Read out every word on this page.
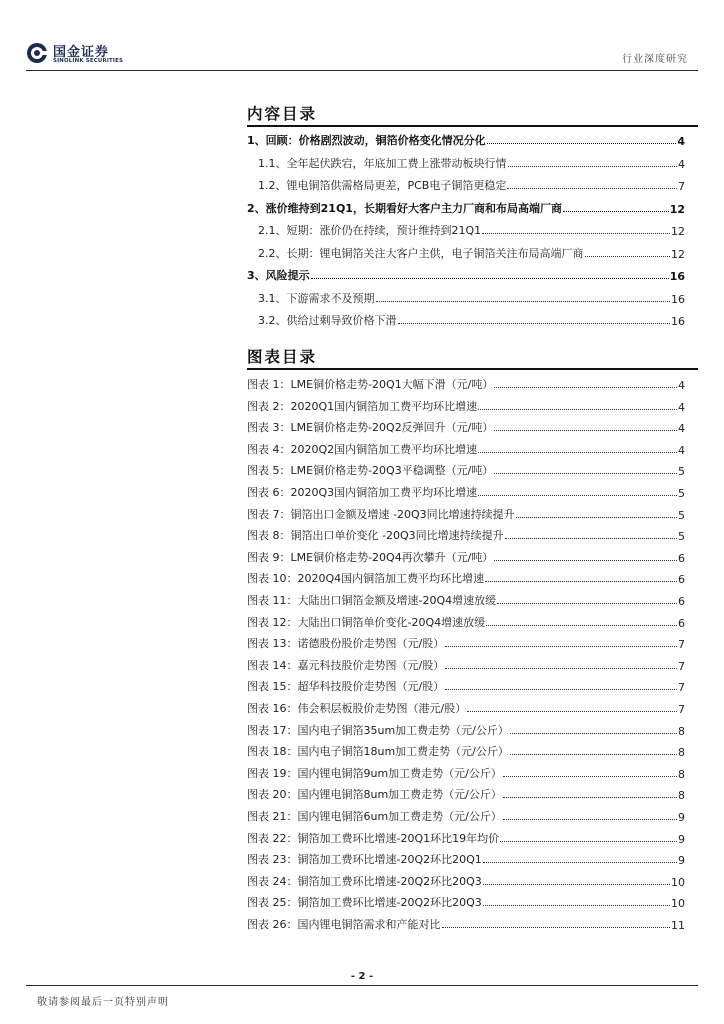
国金证券
SINOLINK SECURITIES	行业深度研究
内容目录
1、回顾：价格剧烈波动，铜箔价格变化情况分化	4
1.1、全年起伏跌宕，年底加工费上涨带动板块行情	4
1.2、锂电铜箔供需格局更差，PCB电子铜箔更稳定	7
2、涨价维持到21Q1，长期看好大客户主力厂商和布局高端厂商	12
2.1、短期：涨价仍在持续，预计维持到21Q1	12
2.2、长期：锂电铜箔关注大客户主供，电子铜箔关注布局高端厂商	12
3、风险提示	16
3.1、下游需求不及预期	16
3.2、供给过剩导致价格下滑	16
图表目录
图表 1：LME铜价格走势-20Q1大幅下滑（元/吨）	4
图表 2：2020Q1国内铜箔加工费平均环比增速	4
图表 3：LME铜价格走势-20Q2反弹回升（元/吨）	4
图表 4：2020Q2国内铜箔加工费平均环比增速	4
图表 5：LME铜价格走势-20Q3平稳调整（元/吨）	5
图表 6：2020Q3国内铜箔加工费平均环比增速	5
图表 7：铜箔出口金额及增速 -20Q3同比增速持续提升	5
图表 8：铜箔出口单价变化 -20Q3同比增速持续提升	5
图表 9：LME铜价格走势-20Q4再次攀升（元/吨）	6
图表 10：2020Q4国内铜箔加工费平均环比增速	6
图表 11：大陆出口铜箔金额及增速-20Q4增速放缓	6
图表 12：大陆出口铜箔单价变化-20Q4增速放缓	6
图表 13：诺德股份股价走势图（元/股）	7
图表 14：嘉元科技股价走势图（元/股）	7
图表 15：超华科技股价走势图（元/股）	7
图表 16：伟会积层板股价走势图（港元/股）	7
图表 17：国内电子铜箔35um加工费走势（元/公斤）	8
图表 18：国内电子铜箔18um加工费走势（元/公斤）	8
图表 19：国内锂电铜箔9um加工费走势（元/公斤）	8
图表 20：国内锂电铜箔8um加工费走势（元/公斤）	8
图表 21：国内锂电铜箔6um加工费走势（元/公斤）	9
图表 22：铜箔加工费环比增速-20Q1环比19年均价	9
图表 23：铜箔加工费环比增速-20Q2环比20Q1	9
图表 24：铜箔加工费环比增速-20Q2环比20Q3	10
图表 25：铜箔加工费环比增速-20Q2环比20Q3	10
图表 26：国内锂电铜箔需求和产能对比	11
- 2 -
敬请参阅最后一页特别声明
